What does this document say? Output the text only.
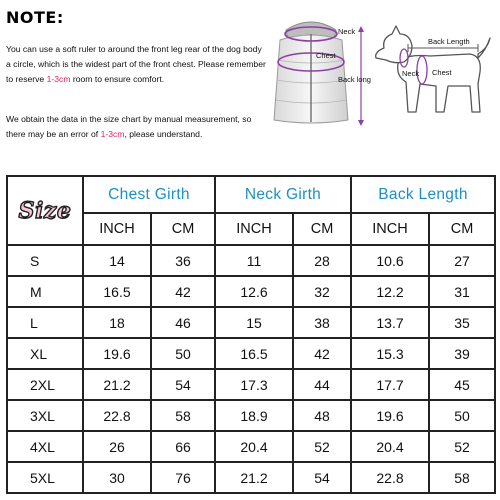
NOTE:

You can use a soft ruler to around the front leg rear of the dog body a circle, which is the widest part of the front chest. Please remember to reserve 1-3cm room to ensure comfort.

We obtain the data in the size chart by manual measurement, so there may be an error of 1-3cm, please understand.

Neck
Chest
Back long
Back Length
Neck Chest
Size	Chest Girth		Neck Girth		Back Length	
	INCH	CM	INCH	CM	INCH	CM
S	14	36	11	28	10.6	27
M	16.5	42	12.6	32	12.2	31
L	18	46	15	38	13.7	35
XL	19.6	50	16.5	42	15.3	39
2XL	21.2	54	17.3	44	17.7	45
3XL	22.8	58	18.9	48	19.6	50
4XL	26	66	20.4	52	20.4	52
5XL	30	76	21.2	54	22.8	58
